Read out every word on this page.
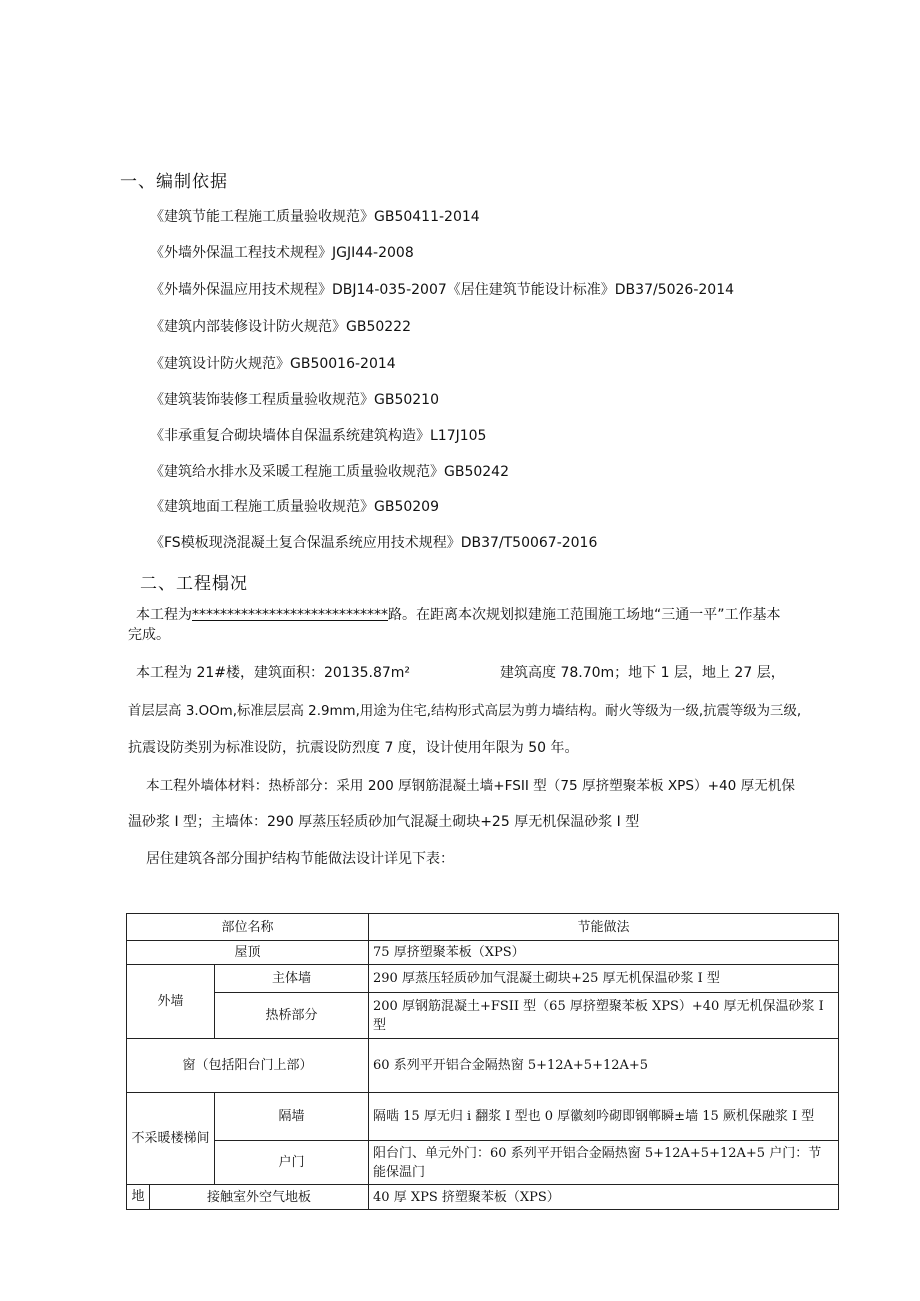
一、编制依据
《建筑节能工程施工质量验收规范》GB50411-2014
《外墙外保温工程技术规程》JGJI44-2008
《外墙外保温应用技术规程》DBJ14-035-2007《居住建筑节能设计标准》DB37/5026-2014
《建筑内部装修设计防火规范》GB50222
《建筑设计防火规范》GB50016-2014
《建筑装饰装修工程质量验收规范》GB50210
《非承重复合砌块墙体自保温系统建筑构造》L17J105
《建筑给水排水及采暖工程施工质量验收规范》GB50242
《建筑地面工程施工质量验收规范》GB50209
《FS模板现浇混凝土复合保温系统应用技术规程》DB37/T50067-2016
二、工程榻况
本工程为****************************路。在距离本次规划拟建施工范围施工场地“三通一平”工作基本
完成。
本工程为 21#楼，建筑面积：20135.87m²	建筑高度 78.70m；地下 1 层，地上 27 层，
首层层高 3.OOm,标准层层高 2.9mm,用途为住宅,结构形式高层为剪力墙结构。耐火等级为一级,抗震等级为三级,
抗震设防类别为标准设防，抗震设防烈度 7 度，设计使用年限为 50 年。
本工程外墙体材料：热桥部分：采用 200 厚钢筋混凝土墙+FSII 型（75 厚挤塑聚苯板 XPS）+40 厚无机保
温砂浆 I 型；主墙体：290 厚蒸压轻质砂加气混凝土砌块+25 厚无机保温砂浆 I 型
居住建筑各部分围护结构节能做法设计详见下表：
部位名称		节能做法
屋顶		75 厚挤塑聚苯板（XPS）
外墙	主体墙	290 厚蒸压轻质砂加气混凝土砌块+25 厚无机保温砂浆 I 型
	热桥部分	200 厚钢筋混凝土+FSII 型（65 厚挤塑聚苯板 XPS）+40 厚无机保温砂浆 I 型
窗（包括阳台门上部）		60 系列平开铝合金隔热窗 5+12A+5+12A+5
不采暖楼梯间	隔墙	隔啮 15 厚无归 i 翻浆 I 型也 0 厚徽刻吟砌即钢郸瞬±墙 15 厥机保融浆 I 型
	户门	阳台门、单元外门：60 系列平开铝合金隔热窗 5+12A+5+12A+5 户门：节能保温门

地 接触室外空气地板		40 厚 XPS 挤塑聚苯板（XPS）
